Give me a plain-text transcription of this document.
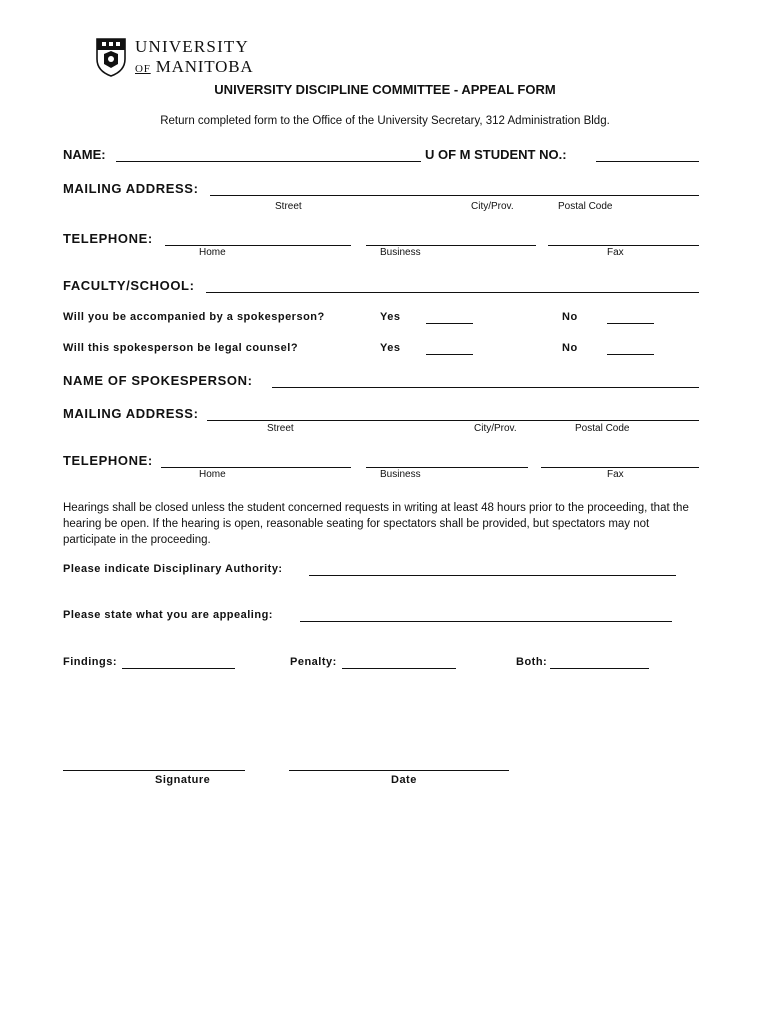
UNIVERSITY
OF MANITOBA
UNIVERSITY DISCIPLINE COMMITTEE - APPEAL FORM
Return completed form to the Office of the University Secretary, 312 Administration Bldg.
NAME:	U OF M STUDENT NO.:
MAILING ADDRESS:
Street	City/Prov.	Postal Code
TELEPHONE:
Home	Business	Fax
FACULTY/SCHOOL:
Will you be accompanied by a spokesperson?	Yes	No
Will this spokesperson be legal counsel?	Yes	No
NAME OF SPOKESPERSON:
MAILING ADDRESS:
Street	City/Prov.	Postal Code
TELEPHONE:
Home	Business	Fax
Hearings shall be closed unless the student concerned requests in writing at least 48 hours prior to the proceeding, that the hearing be open. If the hearing is open, reasonable seating for spectators shall be provided, but spectators may not participate in the proceeding.
Please indicate Disciplinary Authority:
Please state what you are appealing:
Findings:	Penalty:	Both:
Signature	Date
